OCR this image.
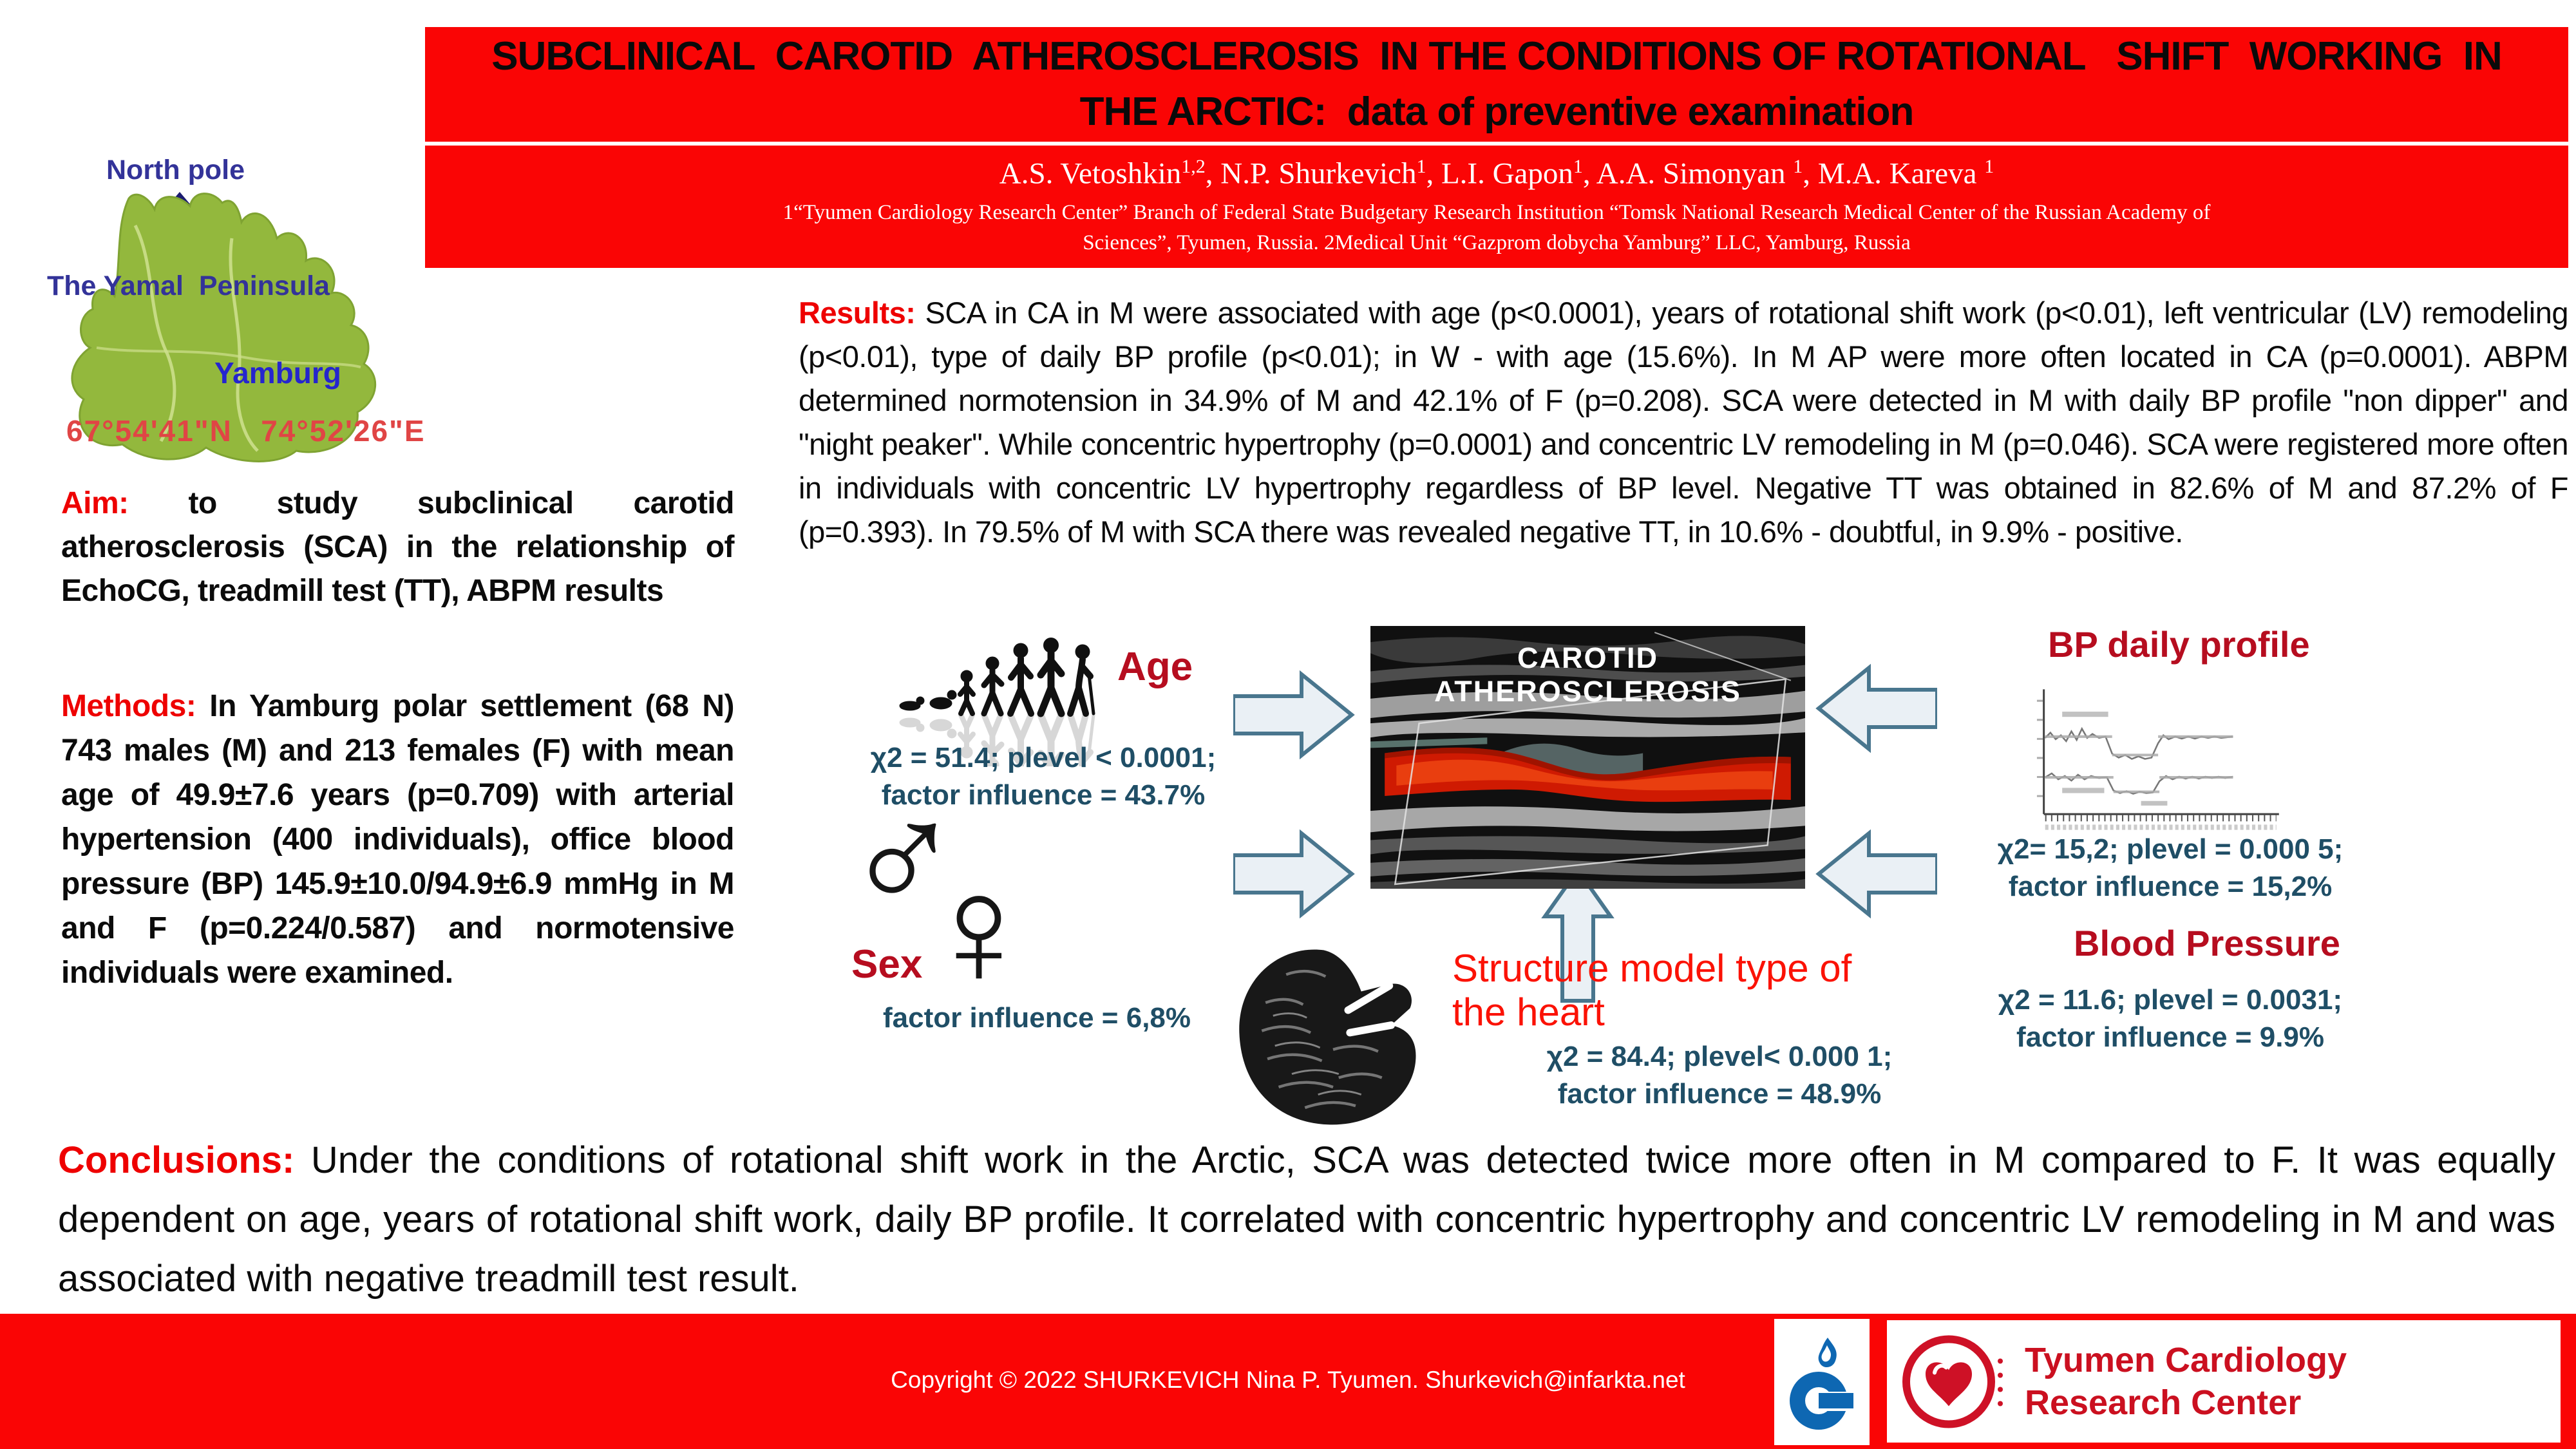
SUBCLINICAL  CAROTID  ATHEROSCLEROSIS  IN THE CONDITIONS OF ROTATIONAL   SHIFT  WORKING  IN
THE ARCTIC:  data of preventive examination
A.S. Vetoshkin$^{1,2}$, N.P. Shurkevich$^1$, L.I. Gapon$^1$, A.A. Simonyan $^1$, M.A. Kareva $^1$
1“Tyumen Cardiology Research Center” Branch of Federal State Budgetary Research Institution “Tomsk National Research Medical Center of the Russian Academy of
Sciences”, Tyumen, Russia. 2Medical Unit “Gazprom dobycha Yamburg” LLC, Yamburg, Russia
North pole
The Yamal  Peninsula
Yamburg
67°54'41"N   74°52'26"E
Aim: to study subclinical carotid atherosclerosis (SCA) in the relationship of EchoCG, treadmill test (TT), ABPM results
Methods: In Yamburg polar settlement (68 N) 743 males (M) and 213 females (F) with mean age of 49.9±7.6 years (p=0.709) with arterial hypertension (400 individuals), office blood pressure (BP) 145.9±10.0/94.9±6.9 mmHg in M and F (p=0.224/0.587) and normotensive individuals were examined.
Results: SCA in CA in M were associated with age (p<0.0001), years of rotational shift work (p<0.01), left ventricular (LV) remodeling (p<0.01), type of daily BP profile (p<0.01); in W - with age (15.6%). In M AP were more often located in CA (p=0.0001). ABPM determined normotension in 34.9% of M and 42.1% of F (p=0.208). SCA were detected in M with daily BP profile "non dipper" and "night peaker". While concentric hypertrophy (p=0.0001) and concentric LV remodeling in M (p=0.046). SCA were registered more often in individuals with concentric LV hypertrophy regardless of BP level. Negative TT was obtained in 82.6% of M and 87.2% of F (p=0.393). In 79.5% of M with SCA there was revealed negative TT, in 10.6% - doubtful, in 9.9% - positive.
Age
χ2 = 51.4; plevel < 0.0001;
factor influence = 43.7%
♂
♀
Sex
factor influence = 6,8%
CAROTID  ATHEROSCLEROSIS
BP daily profile
χ2= 15,2; plevel = 0.000 5;
factor influence = 15,2%
Blood Pressure
χ2 = 11.6; plevel = 0.0031;
factor influence = 9.9%
Structure model type of
the heart
χ2 = 84.4; plevel< 0.000 1;
factor influence = 48.9%
Conclusions: Under the conditions of rotational shift work in the Arctic, SCA was detected twice more often in M compared to F. It was equally dependent on age, years of rotational shift work, daily BP profile. It correlated with concentric hypertrophy and concentric LV remodeling in M and was associated with negative treadmill test result.
Copyright © 2022 SHURKEVICH Nina P. Tyumen. Shurkevich@infarkta.net
Tyumen Cardiology
Research Center
